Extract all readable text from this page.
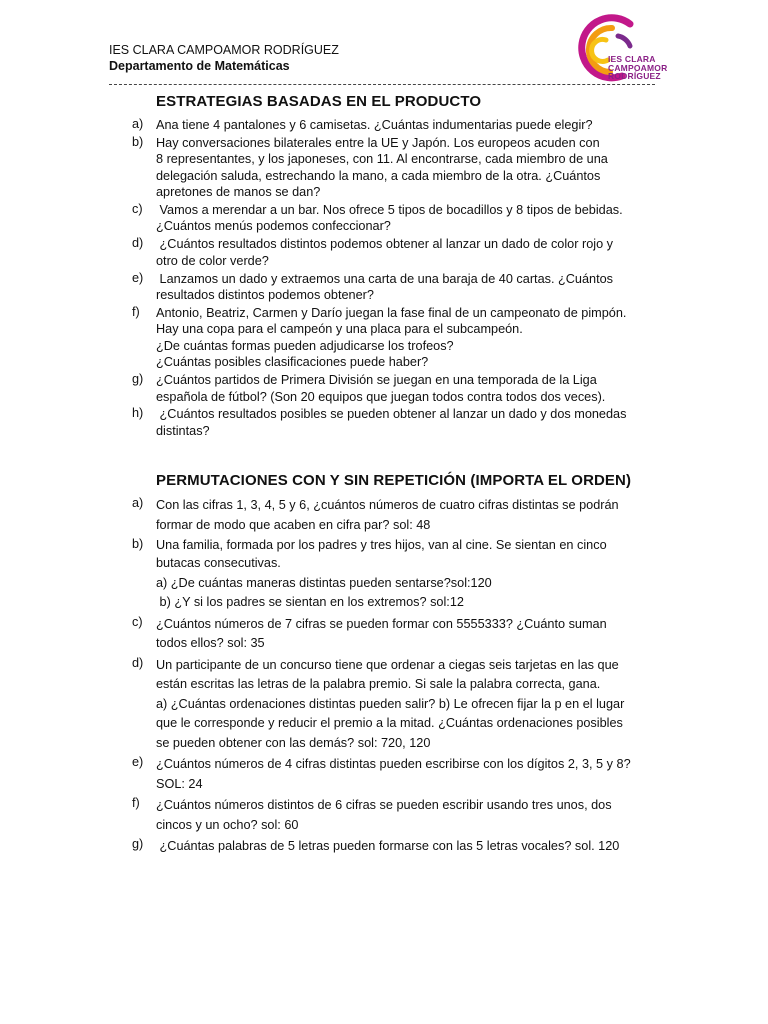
IES CLARA CAMPOAMOR RODRÍGUEZ
Departamento de Matemáticas	IES CLARA
CAMPOAMOR
RODRÍGUEZ
ESTRATEGIAS BASADAS EN EL PRODUCTO
a) Ana tiene 4 pantalones y 6 camisetas. ¿Cuántas indumentarias puede elegir?
b) Hay conversaciones bilaterales entre la UE y Japón. Los europeos acuden con
8 representantes, y los japoneses, con 11. Al encontrarse, cada miembro de una
delegación saluda, estrechando la mano, a cada miembro de la otra. ¿Cuántos
apretones de manos se dan?
c) Vamos a merendar a un bar. Nos ofrece 5 tipos de bocadillos y 8 tipos de bebidas.
¿Cuántos menús podemos confeccionar?
d) ¿Cuántos resultados distintos podemos obtener al lanzar un dado de color rojo y
otro de color verde?
e) Lanzamos un dado y extraemos una carta de una baraja de 40 cartas. ¿Cuántos
resultados distintos podemos obtener?
f) Antonio, Beatriz, Carmen y Darío juegan la fase final de un campeonato de pimpón.
Hay una copa para el campeón y una placa para el subcampeón.
¿De cuántas formas pueden adjudicarse los trofeos?
¿Cuántas posibles clasificaciones puede haber?
g) ¿Cuántos partidos de Primera División se juegan en una temporada de la Liga
española de fútbol? (Son 20 equipos que juegan todos contra todos dos veces).
h) ¿Cuántos resultados posibles se pueden obtener al lanzar un dado y dos monedas
distintas?
PERMUTACIONES CON Y SIN REPETICIÓN (IMPORTA EL ORDEN)
a) Con las cifras 1, 3, 4, 5 y 6, ¿cuántos números de cuatro cifras distintas se podrán
formar de modo que acaben en cifra par? sol: 48
b) Una familia, formada por los padres y tres hijos, van al cine. Se sientan en cinco
butacas consecutivas.
a) ¿De cuántas maneras distintas pueden sentarse?sol:120
b) ¿Y si los padres se sientan en los extremos? sol:12
c) ¿Cuántos números de 7 cifras se pueden formar con 5555333? ¿Cuánto suman
todos ellos? sol: 35
d) Un participante de un concurso tiene que ordenar a ciegas seis tarjetas en las que
están escritas las letras de la palabra premio. Si sale la palabra correcta, gana.
a) ¿Cuántas ordenaciones distintas pueden salir? b) Le ofrecen fijar la p en el lugar
que le corresponde y reducir el premio a la mitad. ¿Cuántas ordenaciones posibles
se pueden obtener con las demás? sol: 720, 120
e) ¿Cuántos números de 4 cifras distintas pueden escribirse con los dígitos 2, 3, 5 y 8?
SOL: 24
f) ¿Cuántos números distintos de 6 cifras se pueden escribir usando tres unos, dos
cincos y un ocho? sol: 60
g) ¿Cuántas palabras de 5 letras pueden formarse con las 5 letras vocales? sol. 120
